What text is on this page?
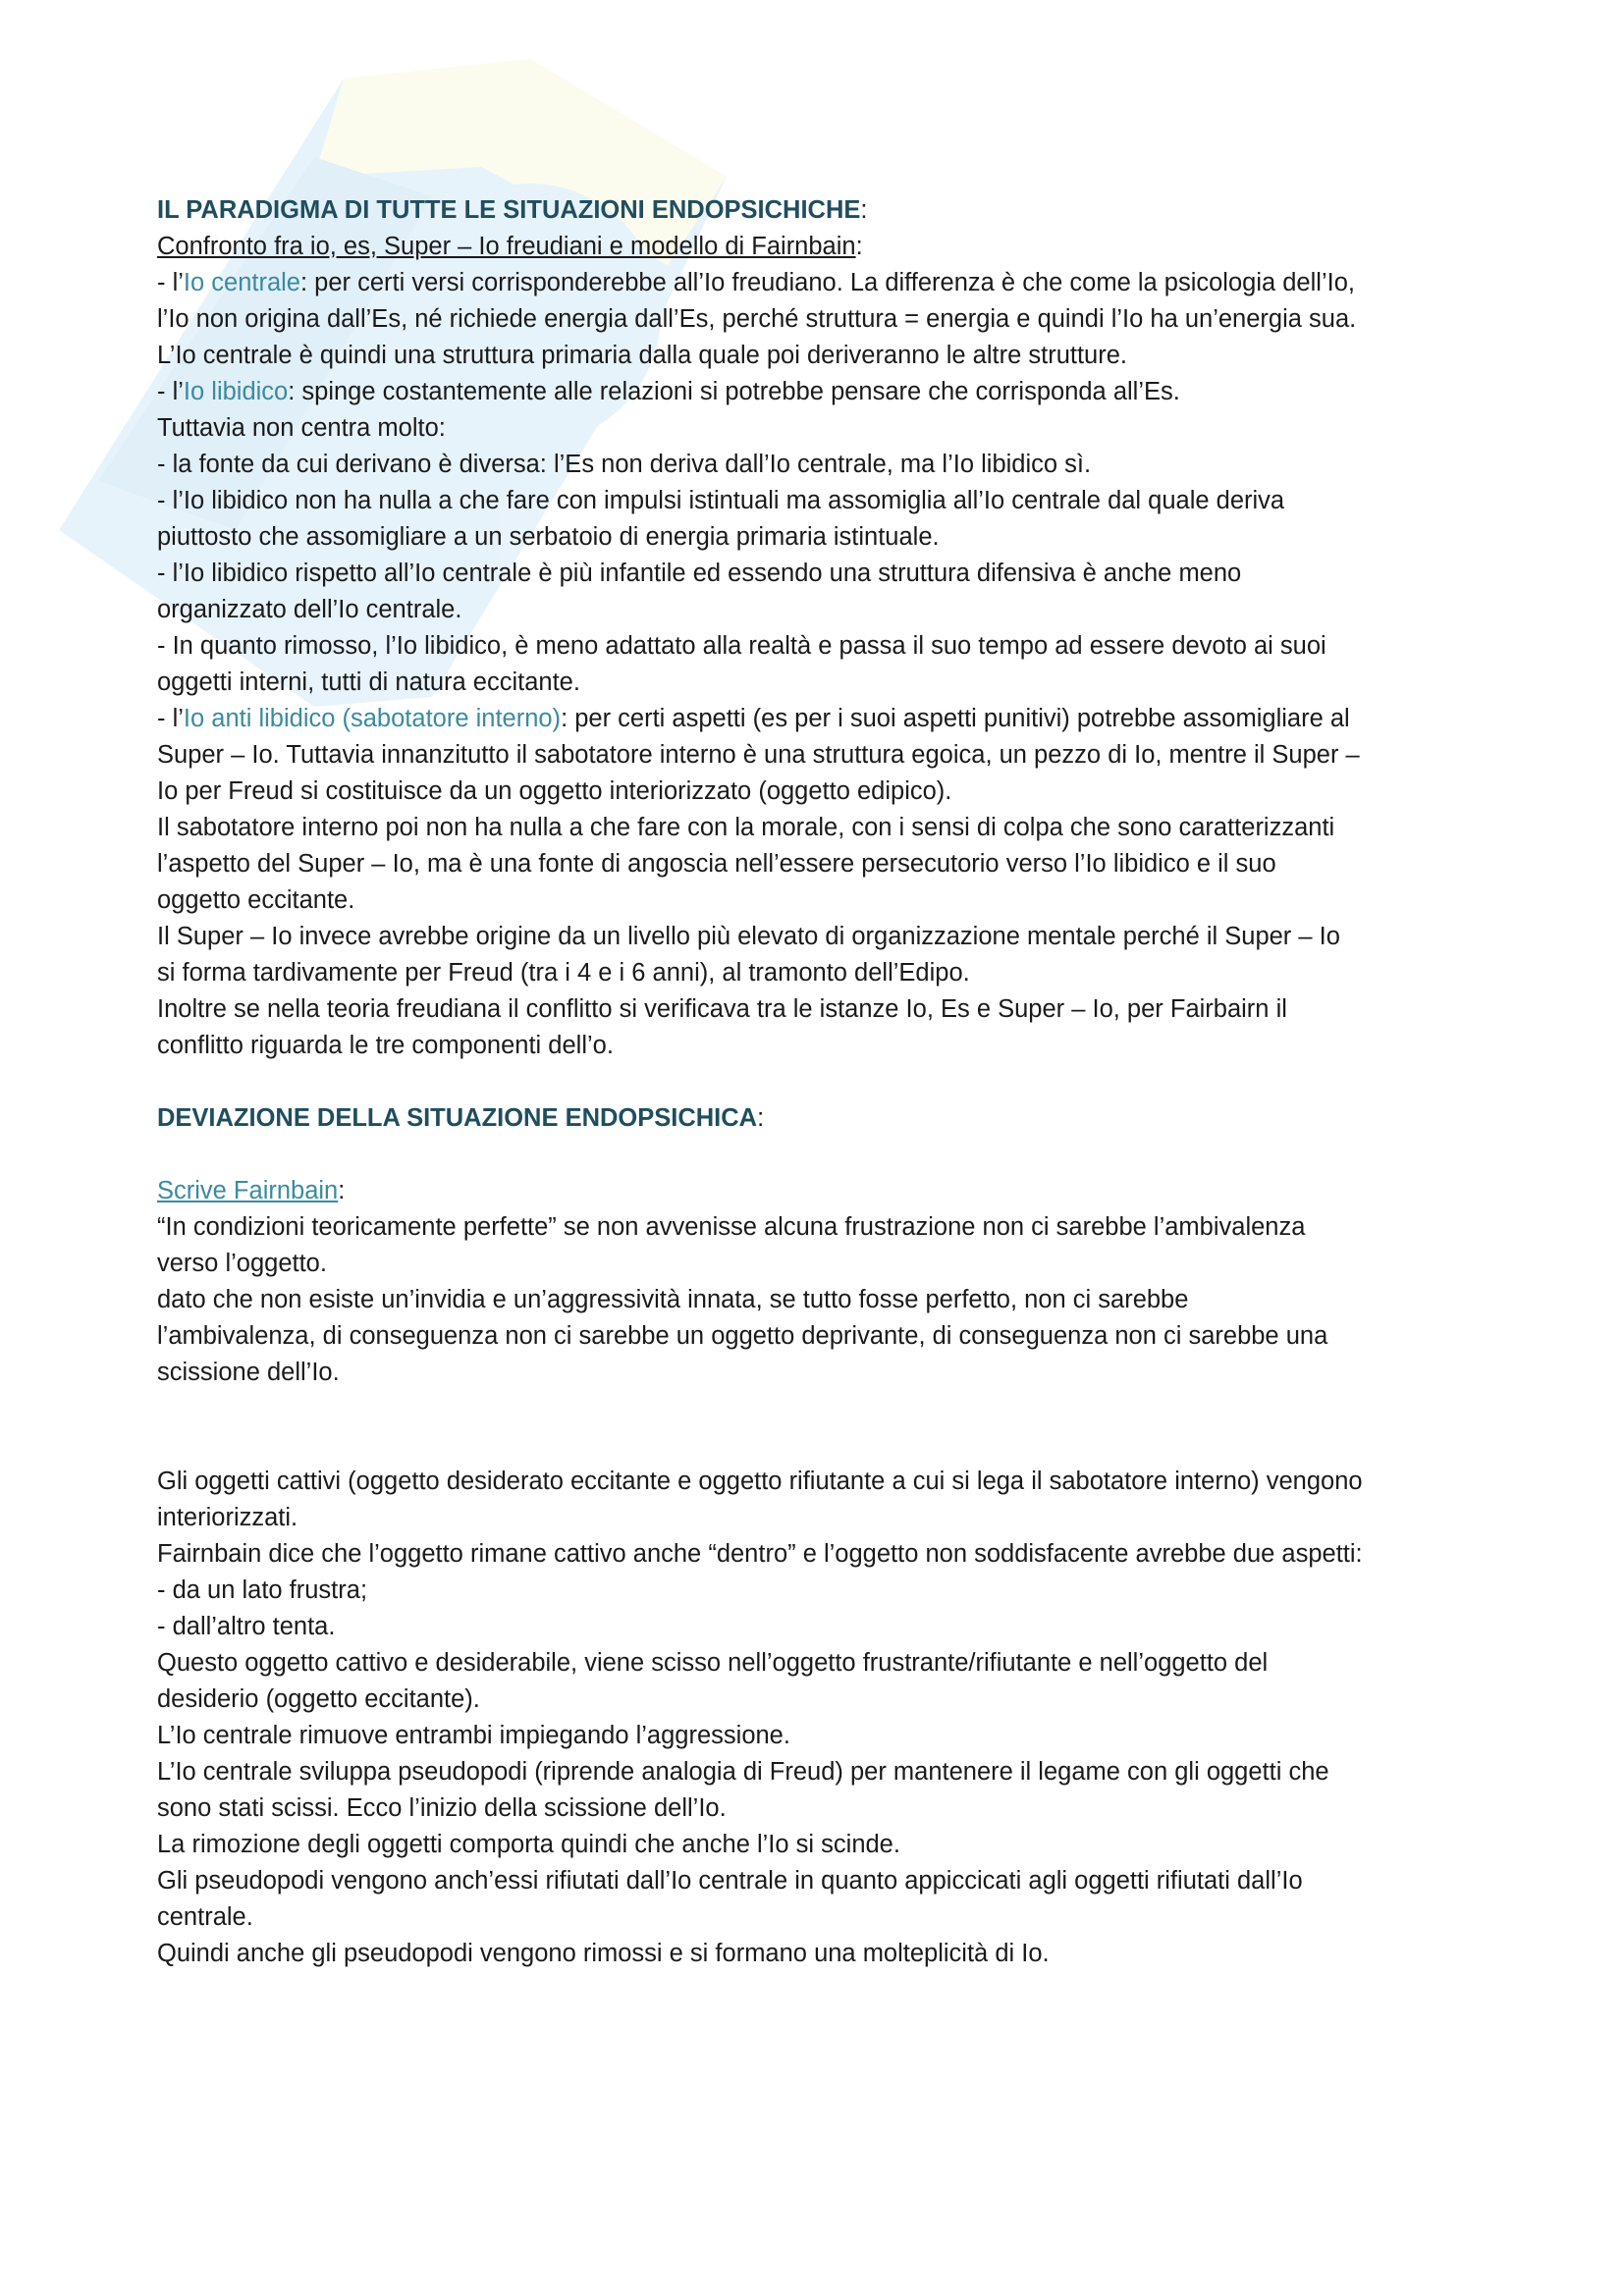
IL PARADIGMA DI TUTTE LE SITUAZIONI ENDOPSICHICHE:

Confronto fra io, es, Super – Io freudiani e modello di Fairnbain:

- l’Io centrale: per certi versi corrisponderebbe all’Io freudiano. La differenza è che come la psicologia dell’Io,

l’Io non origina dall’Es, né richiede energia dall’Es, perché struttura = energia e quindi l’Io ha un’energia sua.

L’Io centrale è quindi una struttura primaria dalla quale poi deriveranno le altre strutture.

- l’Io libidico: spinge costantemente alle relazioni si potrebbe pensare che corrisponda all’Es.

Tuttavia non centra molto:

- la fonte da cui derivano è diversa: l’Es non deriva dall’Io centrale, ma l’Io libidico sì.

- l’Io libidico non ha nulla a che fare con impulsi istintuali ma assomiglia all’Io centrale dal quale deriva

piuttosto che assomigliare a un serbatoio di energia primaria istintuale.

- l’Io libidico rispetto all’Io centrale è più infantile ed essendo una struttura difensiva è anche meno

organizzato dell’Io centrale.

- In quanto rimosso, l’Io libidico, è meno adattato alla realtà e passa il suo tempo ad essere devoto ai suoi

oggetti interni, tutti di natura eccitante.

- l’Io anti libidico (sabotatore interno): per certi aspetti (es per i suoi aspetti punitivi) potrebbe assomigliare al

Super – Io. Tuttavia innanzitutto il sabotatore interno è una struttura egoica, un pezzo di Io, mentre il Super –

Io per Freud si costituisce da un oggetto interiorizzato (oggetto edipico).

Il sabotatore interno poi non ha nulla a che fare con la morale, con i sensi di colpa che sono caratterizzanti

l’aspetto del Super – Io, ma è una fonte di angoscia nell’essere persecutorio verso l’Io libidico e il suo

oggetto eccitante.

Il Super – Io invece avrebbe origine da un livello più elevato di organizzazione mentale perché il Super – Io

si forma tardivamente per Freud (tra i 4 e i 6 anni), al tramonto dell’Edipo.

Inoltre se nella teoria freudiana il conflitto si verificava tra le istanze Io, Es e Super – Io, per Fairbairn il

conflitto riguarda le tre componenti dell’o.

DEVIAZIONE DELLA SITUAZIONE ENDOPSICHICA:

Scrive Fairnbain:

“In condizioni teoricamente perfette” se non avvenisse alcuna frustrazione non ci sarebbe l’ambivalenza

verso l’oggetto.

dato che non esiste un’invidia e un’aggressività innata, se tutto fosse perfetto, non ci sarebbe

l’ambivalenza, di conseguenza non ci sarebbe un oggetto deprivante, di conseguenza non ci sarebbe una

scissione dell’Io.

Gli oggetti cattivi (oggetto desiderato eccitante e oggetto rifiutante a cui si lega il sabotatore interno) vengono

interiorizzati.

Fairnbain dice che l’oggetto rimane cattivo anche “dentro” e l’oggetto non soddisfacente avrebbe due aspetti:

- da un lato frustra;

- dall’altro tenta.

Questo oggetto cattivo e desiderabile, viene scisso nell’oggetto frustrante/rifiutante e nell’oggetto del

desiderio (oggetto eccitante).

L’Io centrale rimuove entrambi impiegando l’aggressione.

L’Io centrale sviluppa pseudopodi (riprende analogia di Freud) per mantenere il legame con gli oggetti che

sono stati scissi. Ecco l’inizio della scissione dell’Io.

La rimozione degli oggetti comporta quindi che anche l’Io si scinde.

Gli pseudopodi vengono anch’essi rifiutati dall’Io centrale in quanto appiccicati agli oggetti rifiutati dall’Io

centrale.

Quindi anche gli pseudopodi vengono rimossi e si formano una molteplicità di Io.
